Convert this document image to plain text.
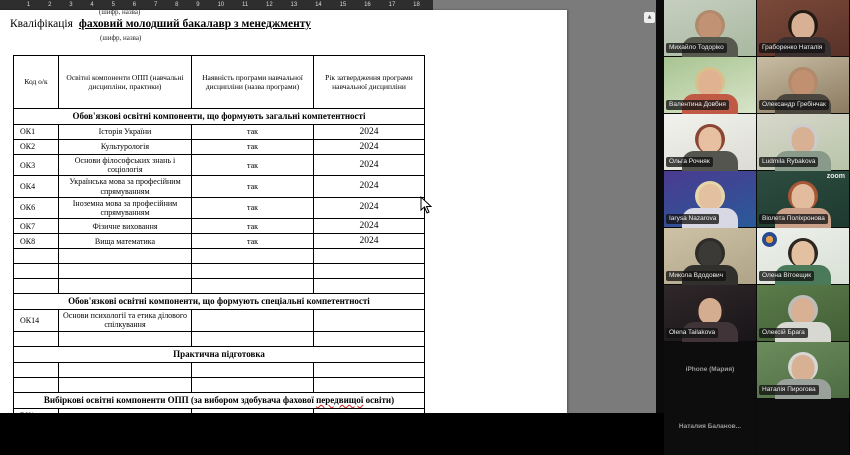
1	2	3	4	5	6	7	8	9	10	11	12	13	14	15	16	17	18
(шифр, назва)
Кваліфікація фаховий молодший бакалавр з менеджменту
(шифр, назва)
Код о/к	Освітні компоненти ОПП (навчальні дисципліни, практики)	Наявність програми навчальної дисципліни (назва програми)	Рік затвердження програми навчальної дисципліни
Обов'язкові освітні компоненти, що формують загальні компетентності			
ОК1	Історія України	так	2024
ОК2	Культурологія	так	2024
ОК3	Основи філософських знань і соціологія	так	2024
ОК4	Українська мова за професійним спрямуванням	так	2024
ОК6	Іноземна мова за професійним спрямуванням	так	2024
ОК7	Фізичне виховання	так	2024
ОК8	Вища математика	так	2024

Обов'язкові освітні компоненти, що формують спеціальні компетентності			
ОК14	Основи психології та етика ділового спілкування		

Практична підготовка			

Вибіркові освітні компоненти ОПП (за вибором здобувача фахової передвищої освіти)			
ВК1			

▲
Михайло Тодоріко	Граборенко Наталія
Валентина Довбня	Олександр Гребінчак
Ольга Рочняк	Ludmila Rybakova
Iarysa Nazarova
zoom
Віолета Поліхронова
Микола Вдодович	Олена Вітоещик
Olena Tailakova	Олексій Брага
iPhone (Мария)
Наталія Пирогова
Наталия Баланов...
